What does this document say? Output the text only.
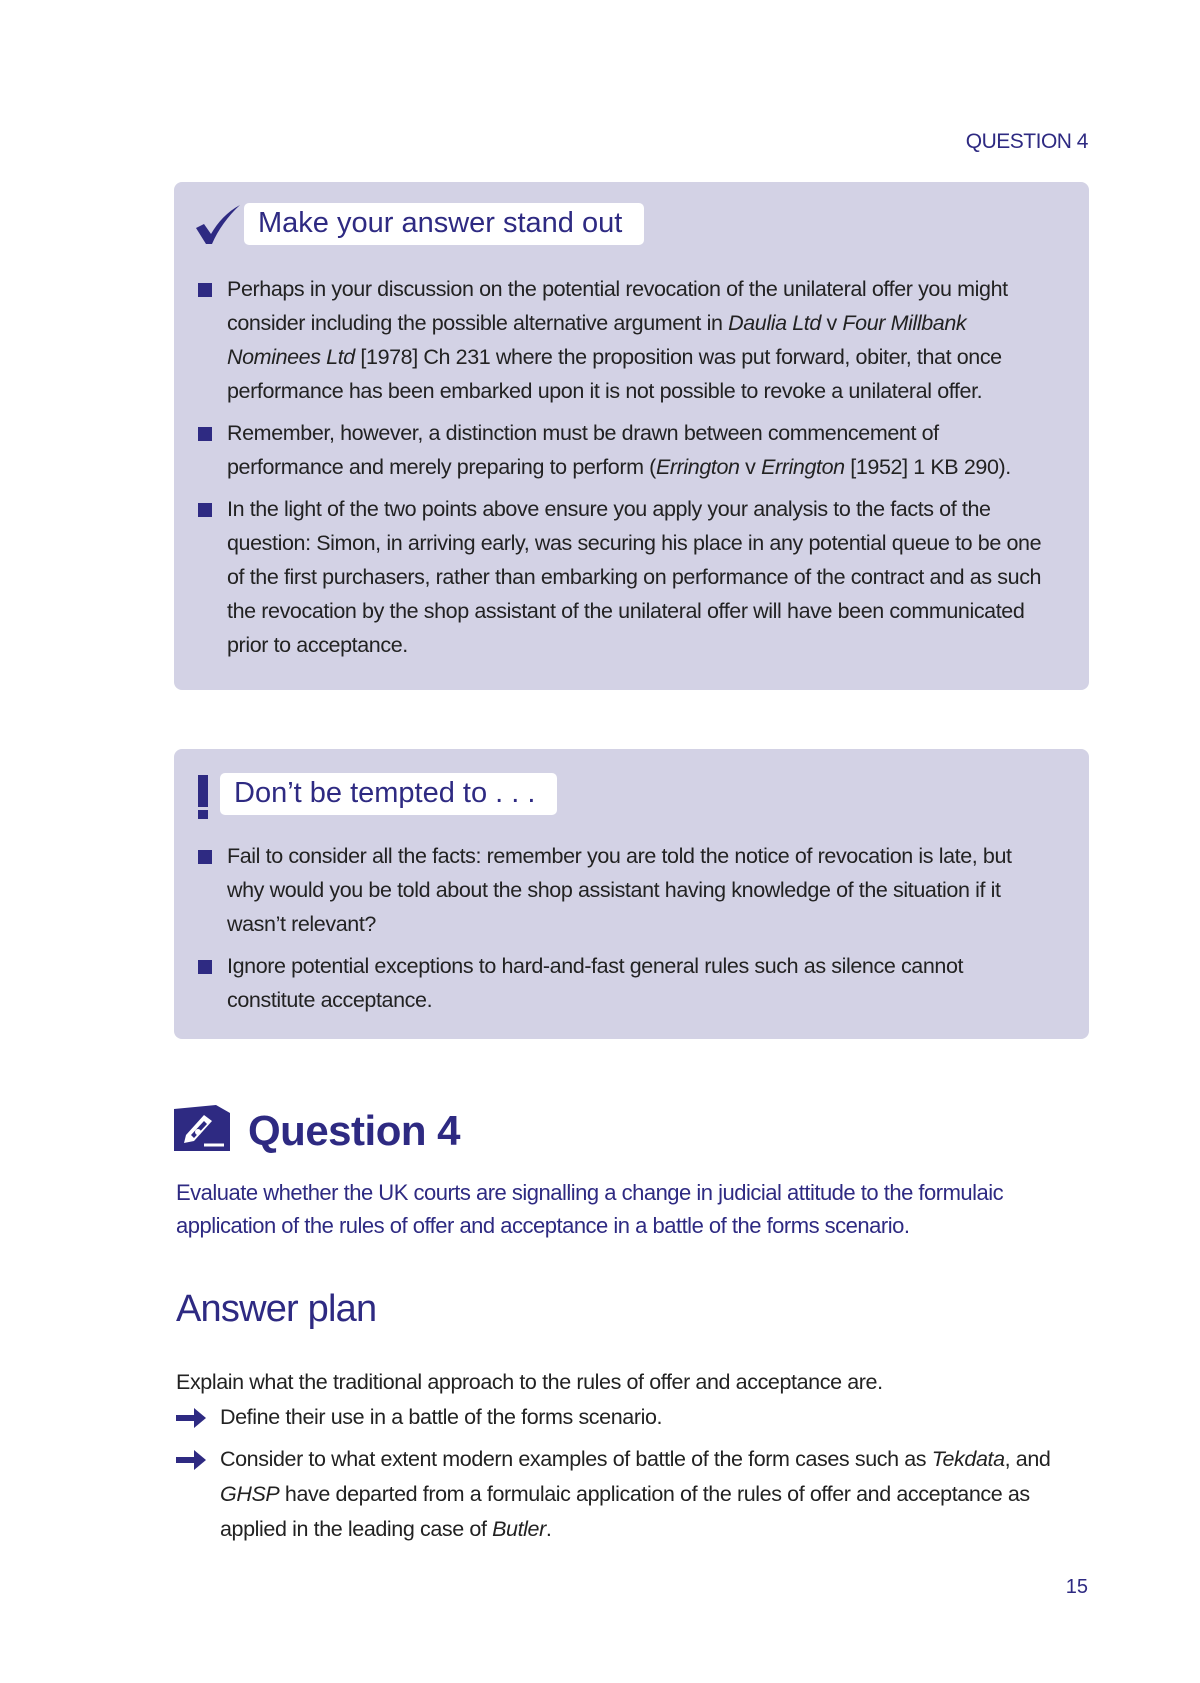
QUESTION 4
Make your answer stand out
Perhaps in your discussion on the potential revocation of the unilateral offer you might consider including the possible alternative argument in Daulia Ltd v Four Millbank Nominees Ltd [1978] Ch 231 where the proposition was put forward, obiter, that once performance has been embarked upon it is not possible to revoke a unilateral offer.
Remember, however, a distinction must be drawn between commencement of performance and merely preparing to perform (Errington v Errington [1952] 1 KB 290).
In the light of the two points above ensure you apply your analysis to the facts of the question: Simon, in arriving early, was securing his place in any potential queue to be one of the first purchasers, rather than embarking on performance of the contract and as such the revocation by the shop assistant of the unilateral offer will have been communicated prior to acceptance.
Don’t be tempted to . . .
Fail to consider all the facts: remember you are told the notice of revocation is late, but why would you be told about the shop assistant having knowledge of the situation if it wasn’t relevant?
Ignore potential exceptions to hard-and-fast general rules such as silence cannot constitute acceptance.
Question 4
Evaluate whether the UK courts are signalling a change in judicial attitude to the formulaic application of the rules of offer and acceptance in a battle of the forms scenario.
Answer plan
Explain what the traditional approach to the rules of offer and acceptance are.
Define their use in a battle of the forms scenario.
Consider to what extent modern examples of battle of the form cases such as Tekdata, and GHSP have departed from a formulaic application of the rules of offer and acceptance as applied in the leading case of Butler.
15
